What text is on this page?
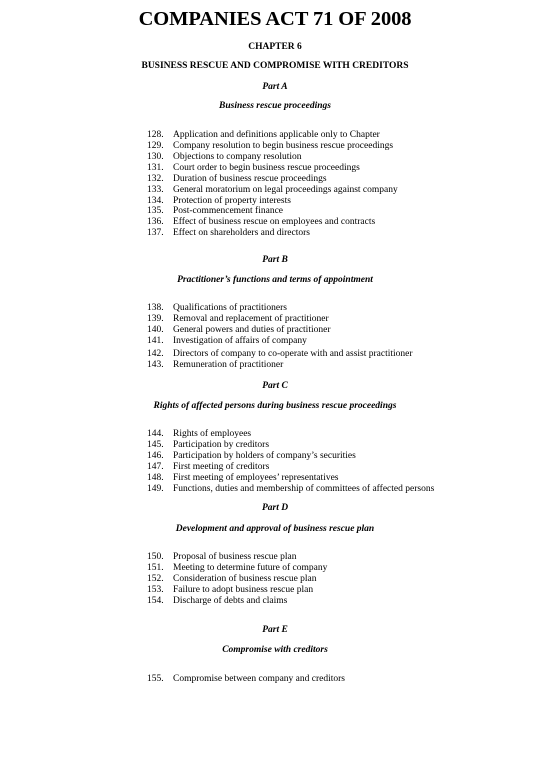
COMPANIES ACT 71 OF 2008
CHAPTER 6
BUSINESS RESCUE AND COMPROMISE WITH CREDITORS
Part A
Business rescue proceedings
128. Application and definitions applicable only to Chapter
129. Company resolution to begin business rescue proceedings
130. Objections to company resolution
131. Court order to begin business rescue proceedings
132. Duration of business rescue proceedings
133. General moratorium on legal proceedings against company
134. Protection of property interests
135. Post-commencement finance
136. Effect of business rescue on employees and contracts
137. Effect on shareholders and directors
Part B
Practitioner’s functions and terms of appointment
138. Qualifications of practitioners
139. Removal and replacement of practitioner
140. General powers and duties of practitioner
141. Investigation of affairs of company
142. Directors of company to co-operate with and assist practitioner
143. Remuneration of practitioner
Part C
Rights of affected persons during business rescue proceedings
144. Rights of employees
145. Participation by creditors
146. Participation by holders of company’s securities
147. First meeting of creditors
148. First meeting of employees’ representatives
149. Functions, duties and membership of committees of affected persons
Part D
Development and approval of business rescue plan
150. Proposal of business rescue plan
151. Meeting to determine future of company
152. Consideration of business rescue plan
153. Failure to adopt business rescue plan
154. Discharge of debts and claims
Part E
Compromise with creditors
155. Compromise between company and creditors
